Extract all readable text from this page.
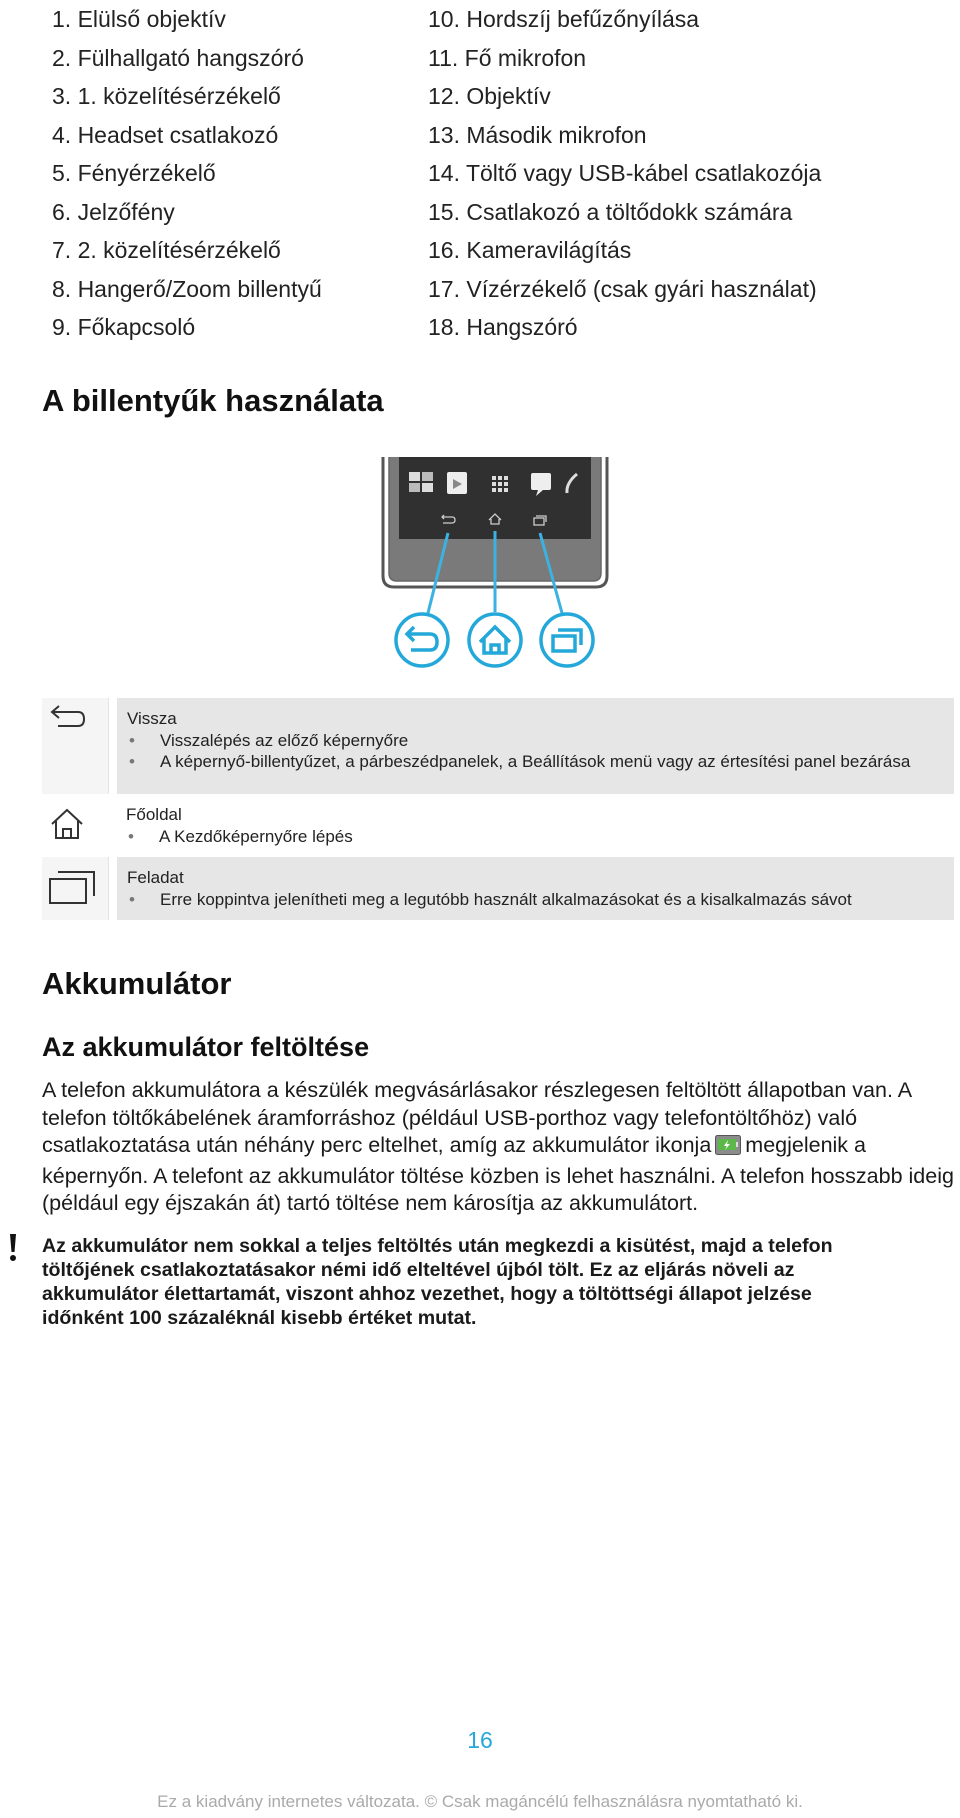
1. Elülső objektív
2. Fülhallgató hangszóró
3. 1. közelítésérzékelő
4. Headset csatlakozó
5. Fényérzékelő
6. Jelzőfény
7. 2. közelítésérzékelő
8. Hangerő/Zoom billentyű
9. Főkapcsoló
10. Hordszíj befűzőnyílása
11. Fő mikrofon
12. Objektív
13. Második mikrofon
14. Töltő vagy USB-kábel csatlakozója
15. Csatlakozó a töltődokk számára
16. Kameravilágítás
17. Vízérzékelő (csak gyári használat)
18. Hangszóró
A billentyűk használata

Vissza

• Visszalépés az előző képernyőre
• A képernyő-billentyűzet, a párbeszédpanelek, a Beállítások menü vagy az értesítési panel bezárása

Főoldal

• A Kezdőképernyőre lépés

Feladat

• Erre koppintva jelenítheti meg a legutóbb használt alkalmazásokat és a kisalkalmazás sávot
Akkumulátor
Az akkumulátor feltöltése

A telefon akkumulátora a készülék megvásárlásakor részlegesen feltöltött állapotban van. A telefon töltőkábelének áramforráshoz (például USB-porthoz vagy telefontöltőhöz) való csatlakoztatása után néhány perc eltelhet, amíg az akkumulátor ikonja megjelenik a képernyőn. A telefont az akkumulátor töltése közben is lehet használni. A telefon hosszabb ideig (például egy éjszakán át) tartó töltése nem károsítja az akkumulátort.

Az akkumulátor nem sokkal a teljes feltöltés után megkezdi a kisütést, majd a telefon töltőjének csatlakoztatásakor némi idő elteltével újból tölt. Ez az eljárás növeli az akkumulátor élettartamát, viszont ahhoz vezethet, hogy a töltöttségi állapot jelzése időnként 100 százaléknál kisebb értéket mutat.

16
Ez a kiadvány internetes változata. © Csak magáncélú felhasználásra nyomtatható ki.
